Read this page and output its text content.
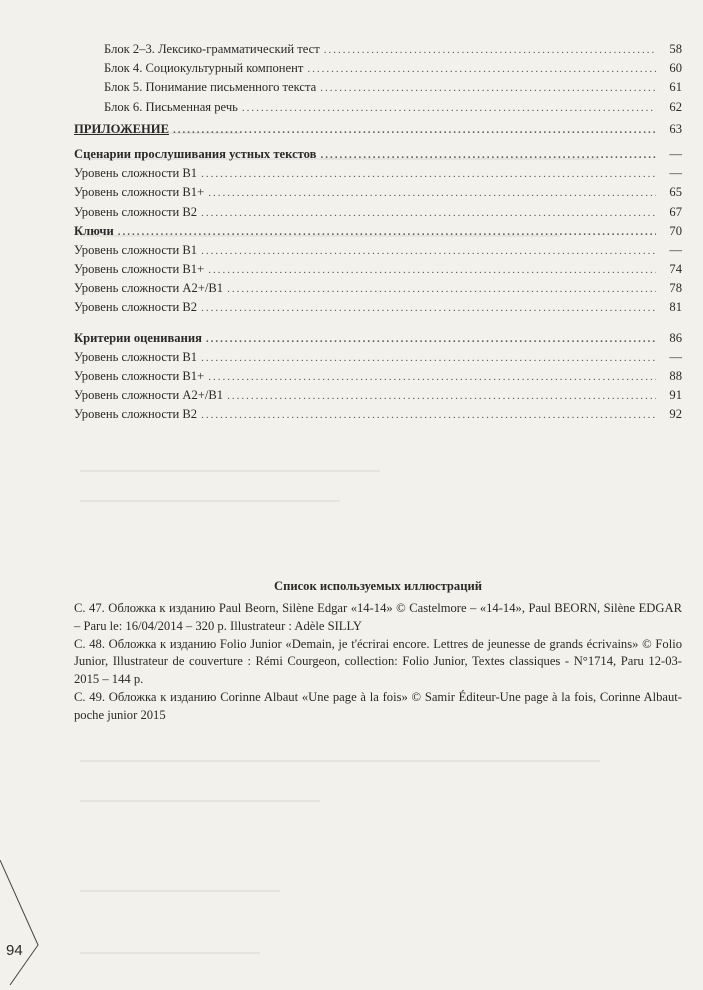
Блок 2–3. Лексико-грамматический тест .....	58
Блок 4. Социокультурный компонент .....	60
Блок 5. Понимание письменного текста .....	61
Блок 6. Письменная речь .....	62
ПРИЛОЖЕНИЕ .....	63
Сценарии прослушивания устных текстов .....	—
Уровень сложности В1 .....	—
Уровень сложности В1+ .....	65
Уровень сложности В2 .....	67
Ключи .....	70
Уровень сложности В1 .....	—
Уровень сложности В1+ .....	74
Уровень сложности А2+/В1 .....	78
Уровень сложности В2 .....	81
Критерии оценивания .....	86
Уровень сложности В1 .....	—
Уровень сложности В1+ .....	88
Уровень сложности А2+/В1 .....	91
Уровень сложности В2 .....	92
Список используемых иллюстраций

С. 47. Обложка к изданию Paul Beorn, Silène Edgar «14-14» © Castelmore – «14-14», Paul BEORN, Silène EDGAR – Paru le: 16/04/2014 – 320 p. Illustrateur : Adèle SILLY

С. 48. Обложка к изданию Folio Junior «Demain, je t'écrirai encore. Lettres de jeunesse de grands écrivains» © Folio Junior, Illustrateur de couverture : Rémi Courgeon, collection: Folio Junior, Textes classiques - N°1714, Paru 12-03-2015 – 144 p.

С. 49. Обложка к изданию Corinne Albaut «Une page à la fois» © Samir Éditeur-Une page à la fois, Corinne Albaut-poche junior 2015

94
